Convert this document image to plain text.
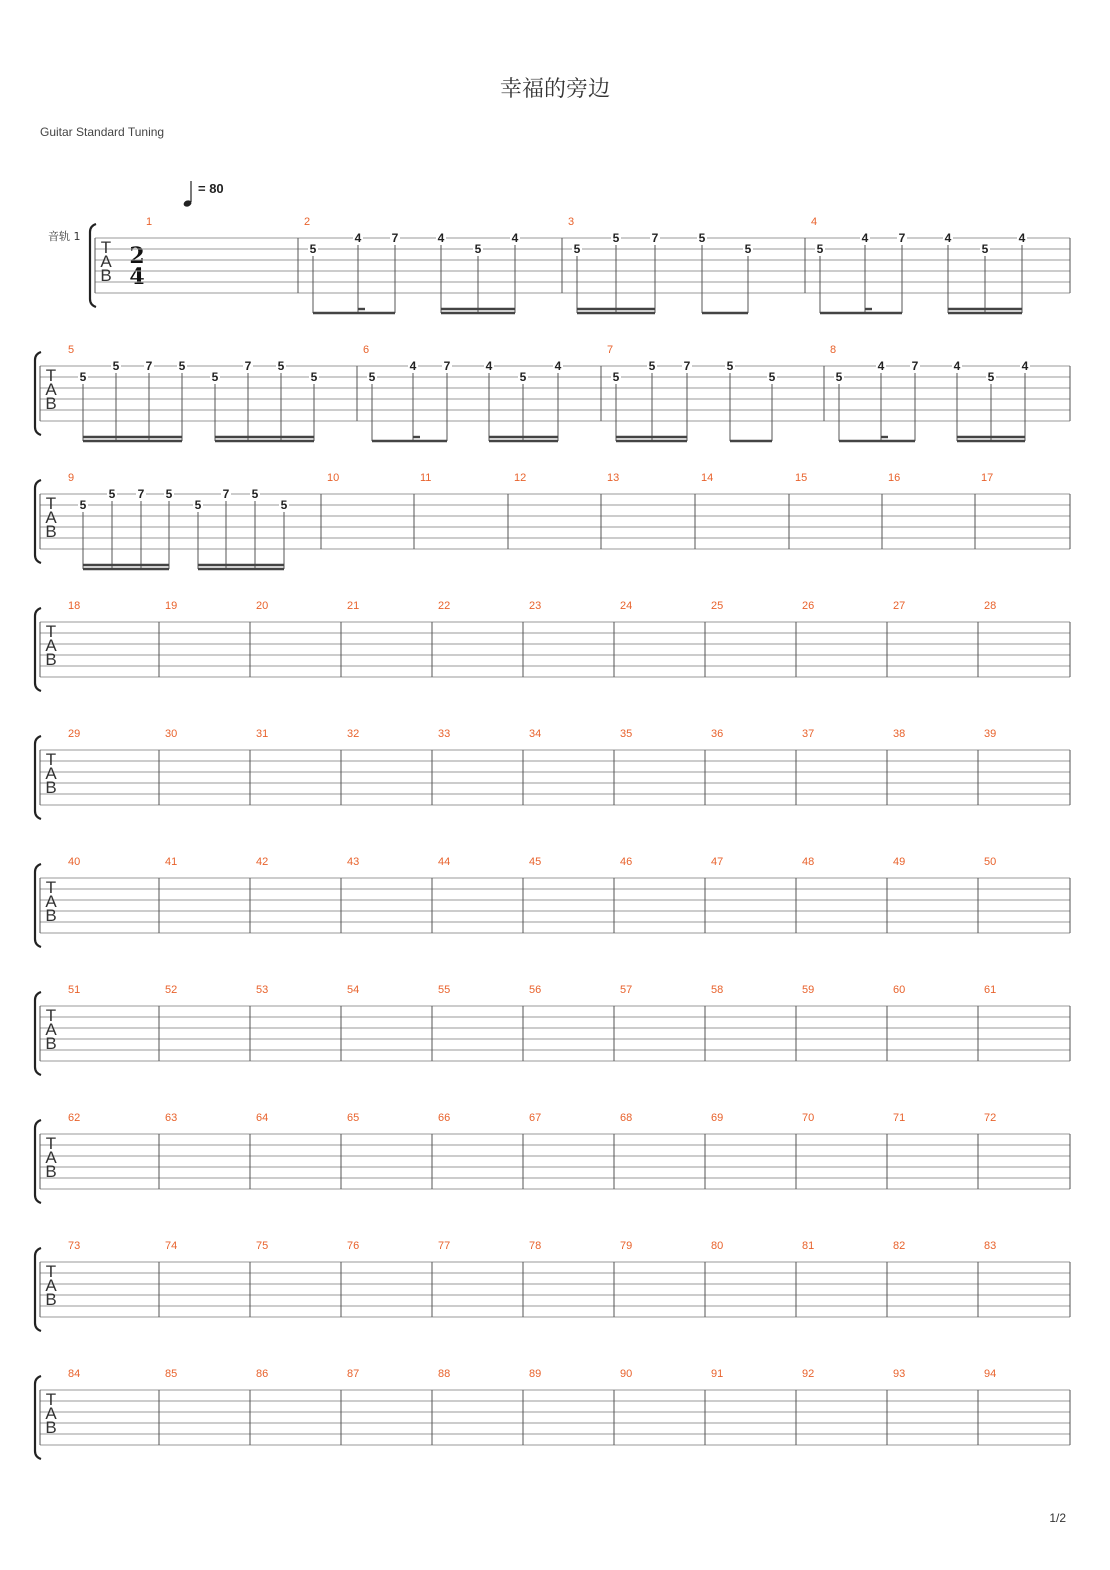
幸福的旁边
Guitar Standard Tuning
= 80
音轨 1
2
4
T
A
B
1	2	3	4
5
4	7	4
5
4
5
5	7	5
5	5
4	7	4
5
4
T
A
B
5	6	7	8
5
5 7 5
5
7 5
5	5
4 7	4
5
4
5
5 7	5
5	5
4 7	4
5
4
T
A
B
9	10	11	12	13	14	15	16	17
5
5 7 5
5
7 5
5
T
A
B
18	19	20	21	22	23	24	25	26	27	28
T
A
B
29	30	31	32	33	34	35	36	37	38	39
T
A
B
40	41	42	43	44	45	46	47	48	49	50
T
A
B
51	52	53	54	55	56	57	58	59	60	61
T
A
B
62	63	64	65	66	67	68	69	70	71	72
T
A
B
73	74	75	76	77	78	79	80	81	82	83
T
A
B
84	85	86	87	88	89	90	91	92	93	94
1/2
